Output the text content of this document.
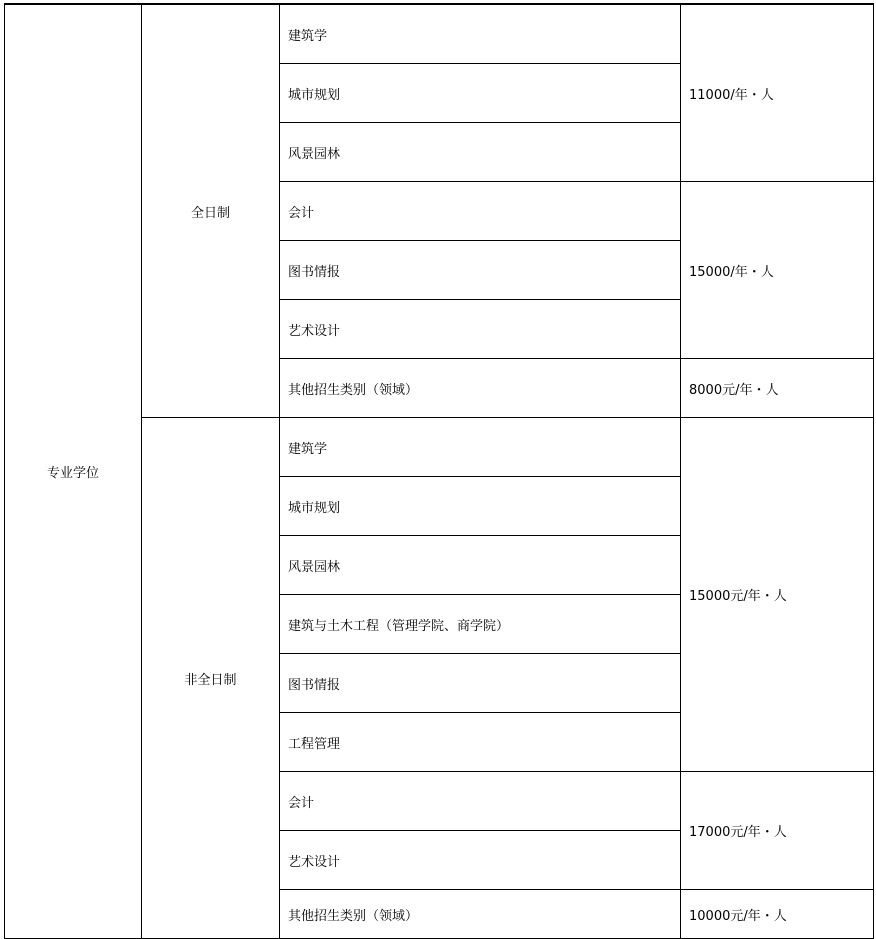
专业学位	全日制	建筑学	11000/年・人
		城市规划	
		风景园林	
		会计	15000/年・人
		图书情报	
		艺术设计	
		其他招生类别（领域）	8000元/年・人
	非全日制	建筑学	15000元/年・人
		城市规划	
		风景园林	
		建筑与土木工程（管理学院、商学院）	
		图书情报	
		工程管理	
		会计	17000元/年・人
		艺术设计	
		其他招生类别（领域）	10000元/年・人
